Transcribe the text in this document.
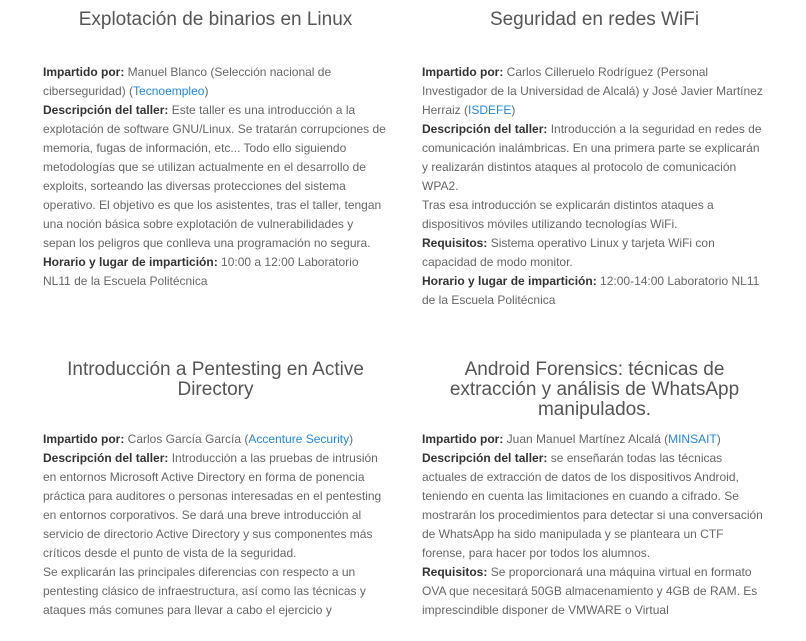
Explotación de binarios en Linux

Impartido por: Manuel Blanco (Selección nacional de ciberseguridad) (Tecnoempleo)

Descripción del taller: Este taller es una introducción a la explotación de software GNU/Linux. Se tratarán corrupciones de memoria, fugas de información, etc... Todo ello siguiendo metodologías que se utilizan actualmente en el desarrollo de exploits, sorteando las diversas protecciones del sistema operativo. El objetivo es que los asistentes, tras el taller, tengan una noción básica sobre explotación de vulnerabilidades y sepan los peligros que conlleva una programación no segura.

Horario y lugar de impartición: 10:00 a 12:00 Laboratorio NL11 de la Escuela Politécnica

Seguridad en redes WiFi

Impartido por: Carlos Cilleruelo Rodríguez (Personal Investigador de la Universidad de Alcalá) y José Javier Martínez Herraiz (ISDEFE)

Descripción del taller: Introducción a la seguridad en redes de comunicación inalámbricas. En una primera parte se explicarán y realizarán distintos ataques al protocolo de comunicación WPA2.

Tras esa introducción se explicarán distintos ataques a dispositivos móviles utilizando tecnologías WiFi.

Requisitos: Sistema operativo Linux y tarjeta WiFi con capacidad de modo monitor.

Horario y lugar de impartición: 12:00-14:00 Laboratorio NL11 de la Escuela Politécnica

Introducción a Pentesting en Active Directory

Impartido por: Carlos García García (Accenture Security)

Descripción del taller: Introducción a las pruebas de intrusión en entornos Microsoft Active Directory en forma de ponencia práctica para auditores o personas interesadas en el pentesting en entornos corporativos. Se dará una breve introducción al servicio de directorio Active Directory y sus componentes más críticos desde el punto de vista de la seguridad.

Se explicarán las principales diferencias con respecto a un pentesting clásico de infraestructura, así como las técnicas y ataques más comunes para llevar a cabo el ejercicio y

Android Forensics: técnicas de extracción y análisis de WhatsApp manipulados.

Impartido por: Juan Manuel Martínez Alcalá (MINSAIT)

Descripción del taller: se enseñarán todas las técnicas actuales de extracción de datos de los dispositivos Android, teniendo en cuenta las limitaciones en cuando a cifrado. Se mostrarán los procedimientos para detectar si una conversación de WhatsApp ha sido manipulada y se planteara un CTF forense, para hacer por todos los alumnos.

Requisitos: Se proporcionará una máquina virtual en formato OVA que necesitará 50GB almacenamiento y 4GB de RAM. Es imprescindible disponer de VMWARE o Virtual
